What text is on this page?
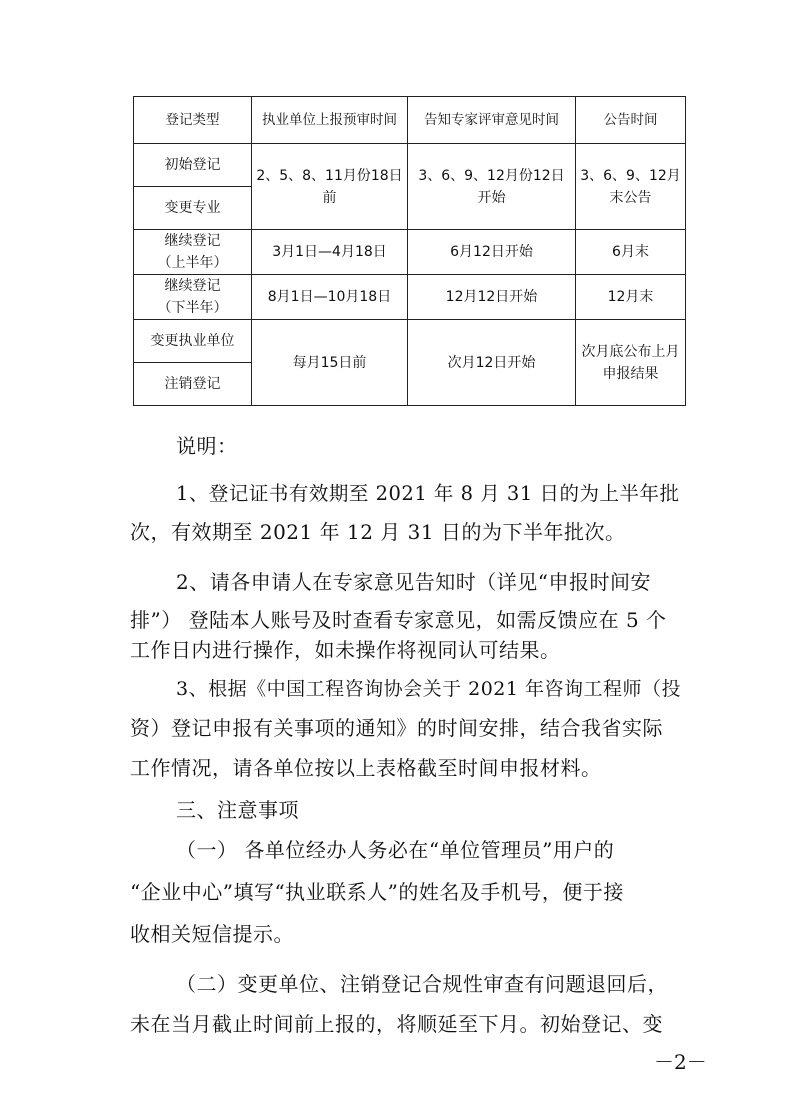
登记类型	执业单位上报预审时间	告知专家评审意见时间	公告时间
初始登记	2、5、8、11月份18日前	3、6、9、12月份12日开始	3、6、9、12月末公告
变更专业			

继续登记
（上半年）	3月1日—4月18日	6月12日开始	6月末

继续登记
（下半年）	8月1日—10月18日	12月12日开始	12月末
变更执业单位	每月15日前	次月12日开始	次月底公布上月申报结果
注销登记			
说明：
1、登记证书有效期至 2021 年 8 月 31 日的为上半年批
次，有效期至 2021 年 12 月 31 日的为下半年批次。
2、请各申请人在专家意见告知时（详见“申报时间安
排”） 登陆本人账号及时查看专家意见，如需反馈应在 5 个
工作日内进行操作，如未操作将视同认可结果。
3、根据《中国工程咨询协会关于 2021 年咨询工程师（投
资）登记申报有关事项的通知》的时间安排，结合我省实际
工作情况，请各单位按以上表格截至时间申报材料。
三、注意事项
（一） 各单位经办人务必在“单位管理员”用户的
“企业中心”填写“执业联系人”的姓名及手机号，便于接
收相关短信提示。
（二）变更单位、注销登记合规性审查有问题退回后，
未在当月截止时间前上报的，将顺延至下月。初始登记、变
－2－
